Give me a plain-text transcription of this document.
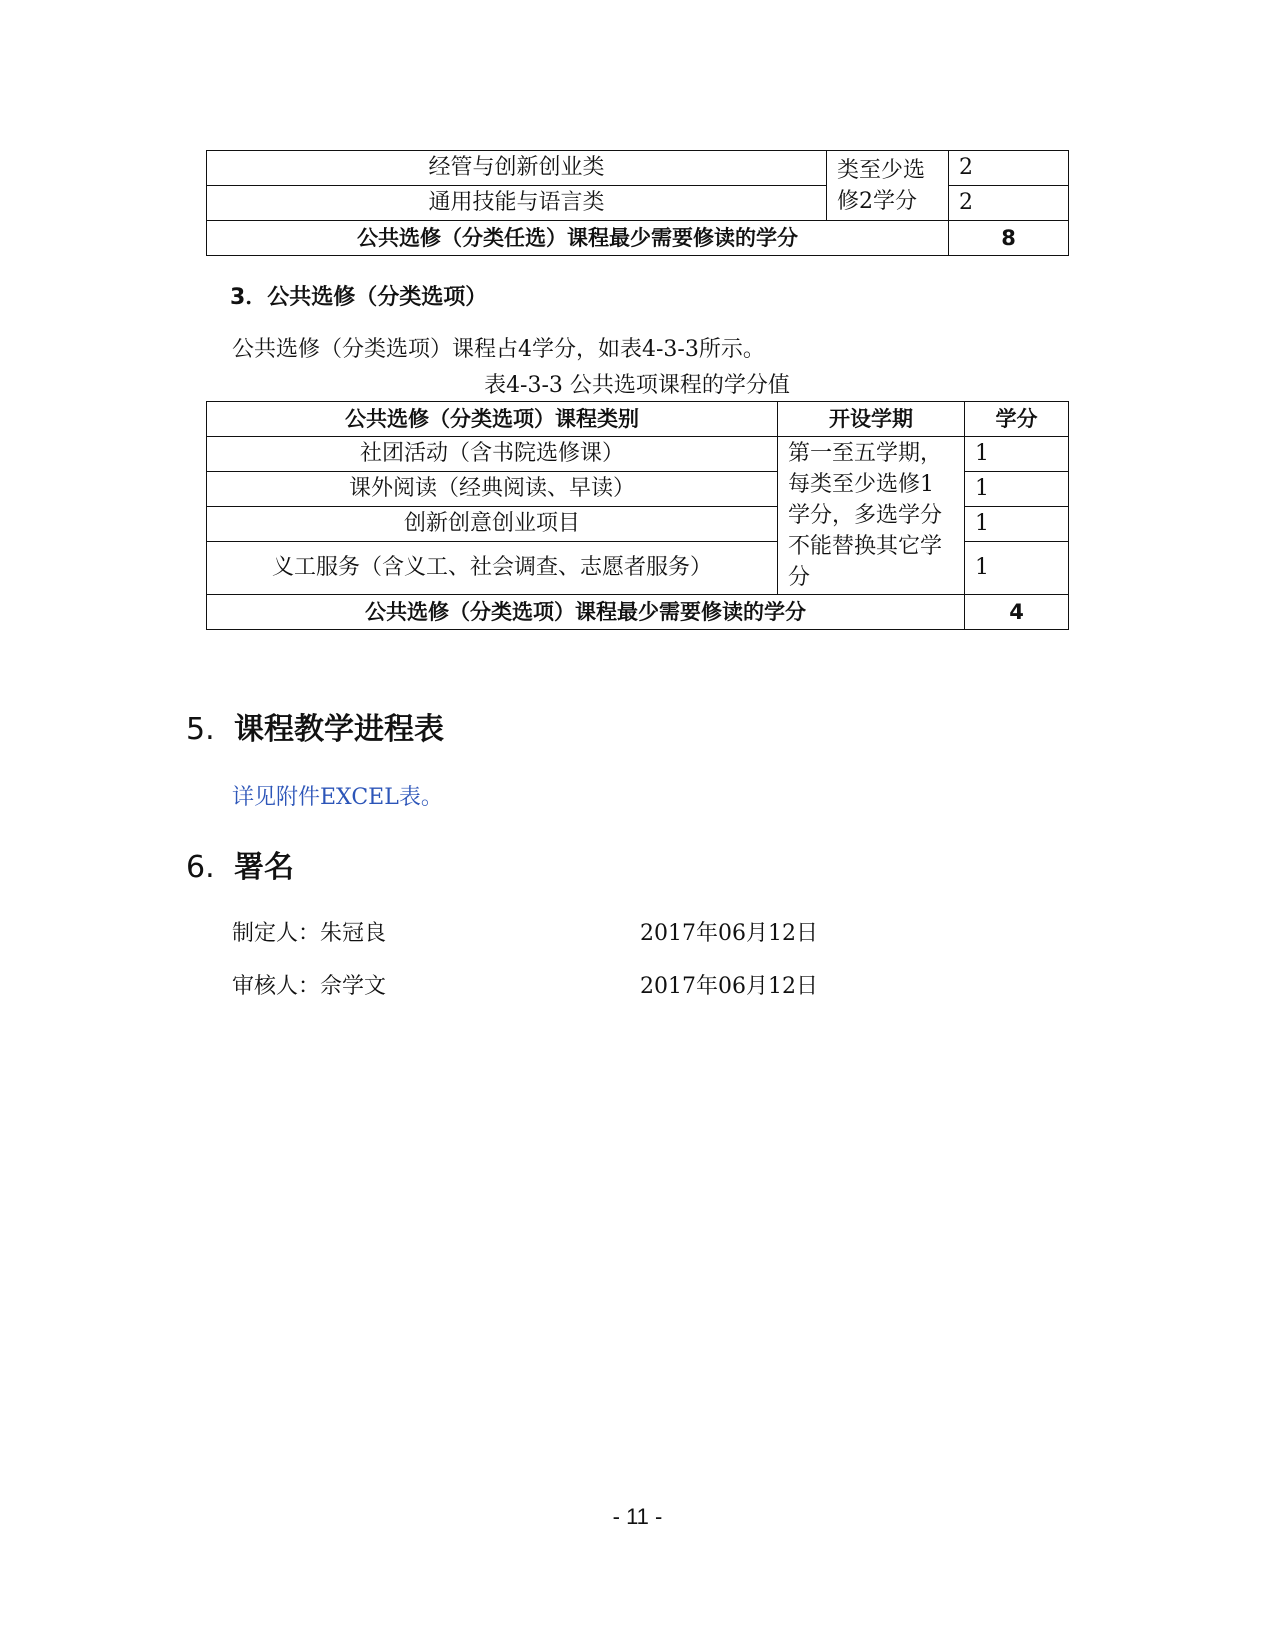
经管与创新创业类	类至少选修2学分	2
通用技能与语言类		2
公共选修（分类任选）课程最少需要修读的学分		8
3．公共选修（分类选项）
公共选修（分类选项）课程占4学分，如表4-3-3所示。
表4-3-3 公共选项课程的学分值
公共选修（分类选项）课程类别	开设学期	学分
社团活动（含书院选修课）	第一至五学期，每类至少选修1学分，多选学分不能替换其它学分	1
课外阅读（经典阅读、早读）		1
创新创意创业项目		1
义工服务（含义工、社会调查、志愿者服务）		1
公共选修（分类选项）课程最少需要修读的学分		4
5. 课程教学进程表
详见附件EXCEL表。
6. 署名
制定人：朱冠良	2017年06月12日
审核人：佘学文	2017年06月12日
- 11 -
